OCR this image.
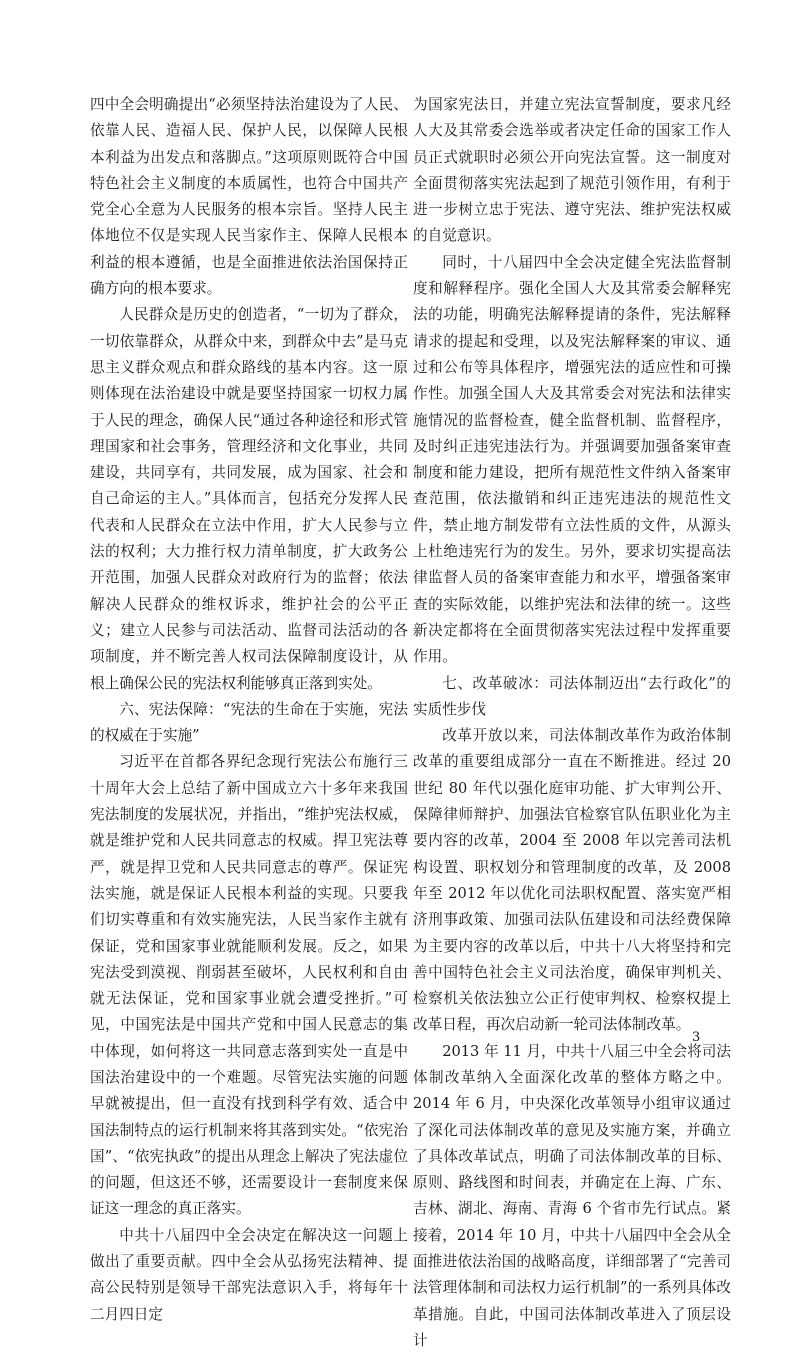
四中全会明确提出“必须坚持法治建设为了人民、依靠人民、造福人民、保护人民，以保障人民根本利益为出发点和落脚点。”这项原则既符合中国特色社会主义制度的本质属性，也符合中国共产党全心全意为人民服务的根本宗旨。坚持人民主体地位不仅是实现人民当家作主、保障人民根本利益的根本遵循，也是全面推进依法治国保持正确方向的根本要求。

人民群众是历史的创造者，“一切为了群众，一切依靠群众，从群众中来，到群众中去”是马克思主义群众观点和群众路线的基本内容。这一原则体现在法治建设中就是要坚持国家一切权力属于人民的理念，确保人民“通过各种途径和形式管理国家和社会事务，管理经济和文化事业，共同建设，共同享有，共同发展，成为国家、社会和自己命运的主人。”具体而言，包括充分发挥人民代表和人民群众在立法中作用，扩大人民参与立法的权利；大力推行权力清单制度，扩大政务公开范围，加强人民群众对政府行为的监督；依法解决人民群众的维权诉求，维护社会的公平正义；建立人民参与司法活动、监督司法活动的各项制度，并不断完善人权司法保障制度设计，从根上确保公民的宪法权利能够真正落到实处。

六、宪法保障：“宪法的生命在于实施，宪法的权威在于实施”

习近平在首都各界纪念现行宪法公布施行三十周年大会上总结了新中国成立六十多年来我国宪法制度的发展状况，并指出，“维护宪法权威，就是维护党和人民共同意志的权威。捍卫宪法尊严，就是捍卫党和人民共同意志的尊严。保证宪法实施，就是保证人民根本利益的实现。只要我们切实尊重和有效实施宪法，人民当家作主就有保证，党和国家事业就能顺利发展。反之，如果宪法受到漠视、削弱甚至破坏，人民权利和自由就无法保证，党和国家事业就会遭受挫折。”可见，中国宪法是中国共产党和中国人民意志的集中体现，如何将这一共同意志落到实处一直是中国法治建设中的一个难题。尽管宪法实施的问题早就被提出，但一直没有找到科学有效、适合中国法制特点的运行机制来将其落到实处。“依宪治国”、“依宪执政”的提出从理念上解决了宪法虚位的问题，但这还不够，还需要设计一套制度来保证这一理念的真正落实。

中共十八届四中全会决定在解决这一问题上做出了重要贡献。四中全会从弘扬宪法精神、提高公民特别是领导干部宪法意识入手，将每年十二月四日定

为国家宪法日，并建立宪法宣誓制度，要求凡经人大及其常委会选举或者决定任命的国家工作人员正式就职时必须公开向宪法宣誓。这一制度对全面贯彻落实宪法起到了规范引领作用，有利于进一步树立忠于宪法、遵守宪法、维护宪法权威的自觉意识。

同时，十八届四中全会决定健全宪法监督制度和解释程序。强化全国人大及其常委会解释宪法的功能，明确宪法解释提请的条件，宪法解释请求的提起和受理，以及宪法解释案的审议、通过和公布等具体程序，增强宪法的适应性和可操作性。加强全国人大及其常委会对宪法和法律实施情况的监督检查，健全监督机制、监督程序，及时纠正违宪违法行为。并强调要加强备案审查制度和能力建设，把所有规范性文件纳入备案审查范围，依法撤销和纠正违宪违法的规范性文件，禁止地方制发带有立法性质的文件，从源头上杜绝违宪行为的发生。另外，要求切实提高法律监督人员的备案审查能力和水平，增强备案审查的实际效能，以维护宪法和法律的统一。这些新决定都将在全面贯彻落实宪法过程中发挥重要作用。

七、改革破冰：司法体制迈出“去行政化”的实质性步伐

改革开放以来，司法体制改革作为政治体制改革的重要组成部分一直在不断推进。经过 20 世纪 80 年代以强化庭审功能、扩大审判公开、保障律师辩护、加强法官检察官队伍职业化为主要内容的改革，2004 至 2008 年以完善司法机构设置、职权划分和管理制度的改革，及 2008 年至 2012 年以优化司法职权配置、落实宽严相济刑事政策、加强司法队伍建设和司法经费保障为主要内容的改革以后，中共十八大将坚持和完善中国特色社会主义司法治度，确保审判机关、检察机关依法独立公正行使审判权、检察权提上改革日程，再次启动新一轮司法体制改革。

2013 年 11 月，中共十八届三中全会将司法体制改革纳入全面深化改革的整体方略之中。2014 年 6 月，中央深化改革领导小组审议通过了深化司法体制改革的意见及实施方案，并确立了具体改革试点，明确了司法体制改革的目标、原则、路线图和时间表，并确定在上海、广东、吉林、湖北、海南、青海 6 个省市先行试点。紧接着，2014 年 10 月，中共十八届四中全会从全面推进依法治国的战略高度，详细部署了“完善司法管理体制和司法权力运行机制”的一系列具体改革措施。自此，中国司法体制改革进入了顶层设计

3
